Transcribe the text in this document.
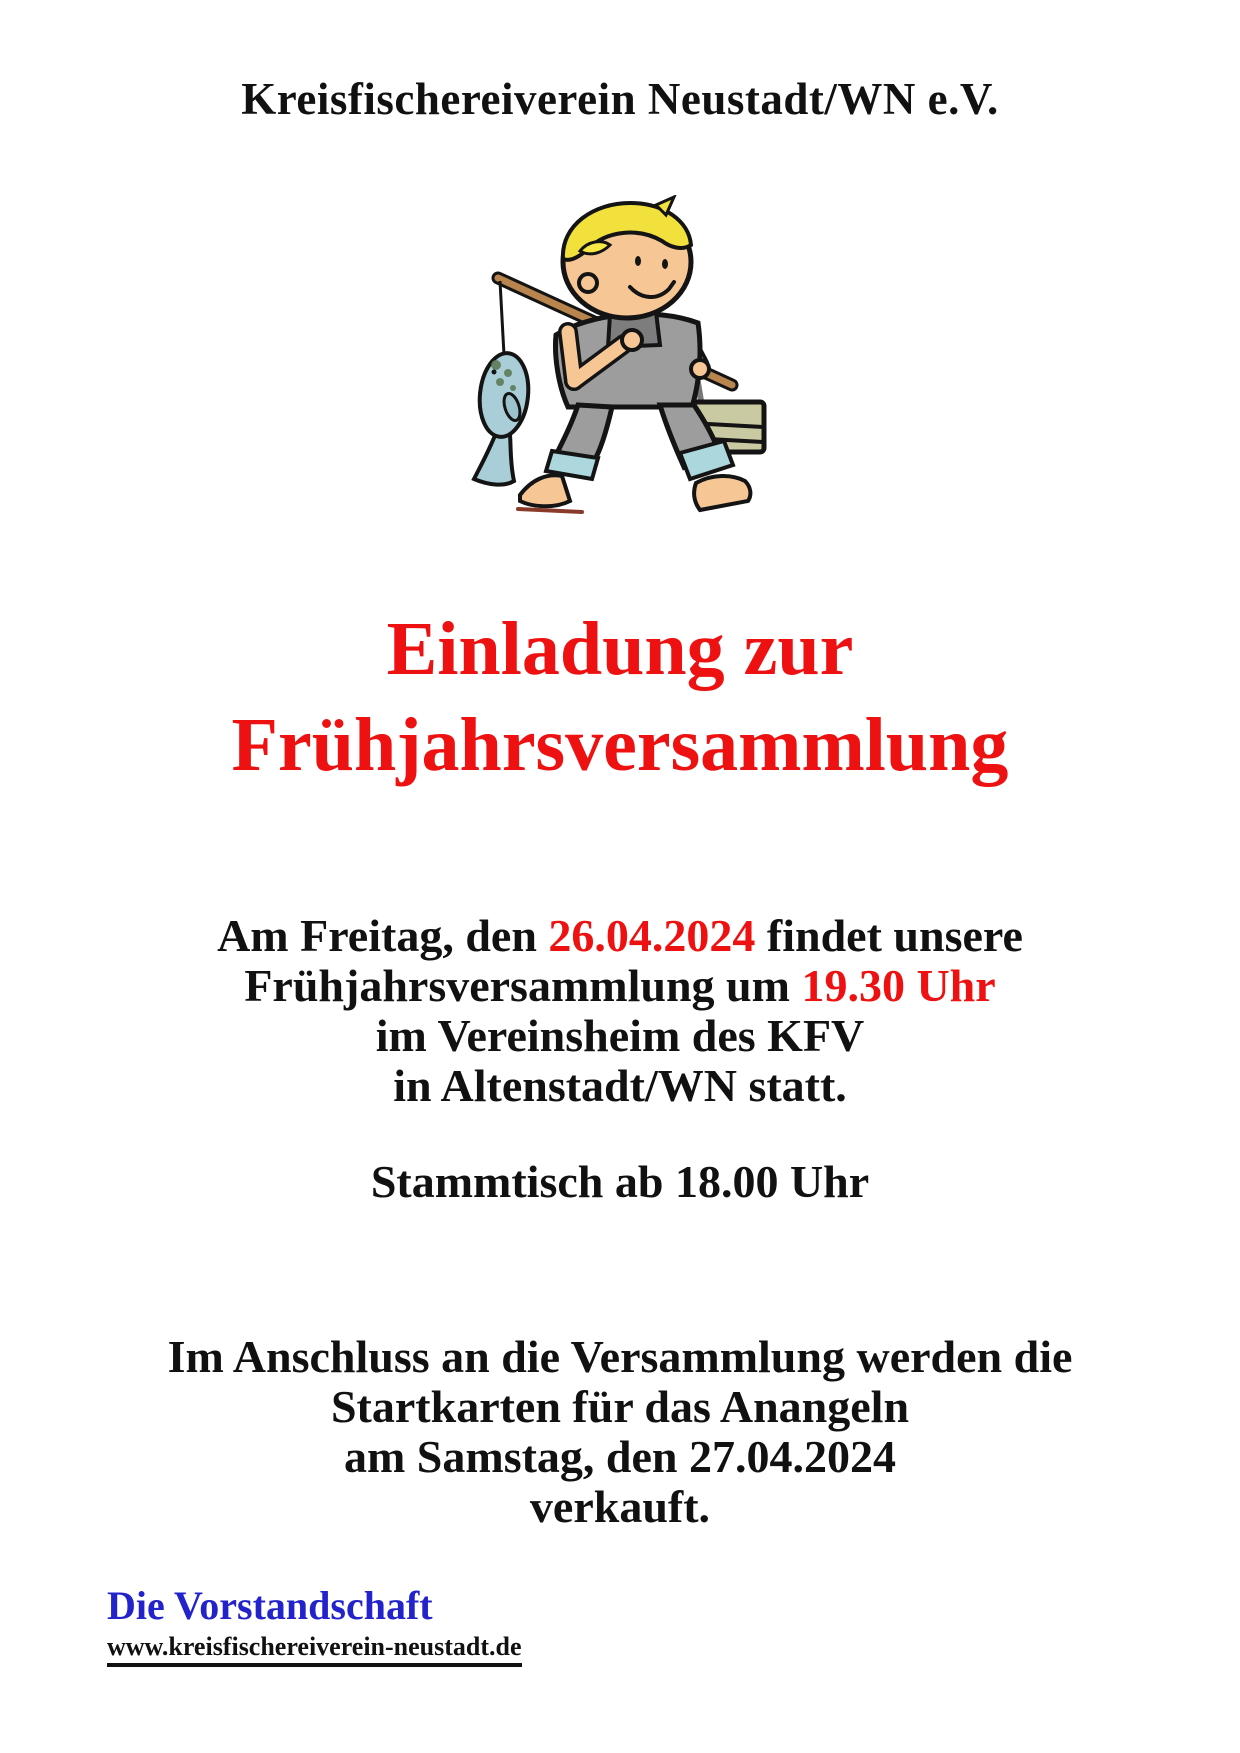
Kreisfischereiverein Neustadt/WN e.V.
Einladung zur
Frühjahrsversammlung
Am Freitag, den 26.04.2024 findet unsere
Frühjahrsversammlung um 19.30 Uhr
im Vereinsheim des KFV
in Altenstadt/WN statt.
Stammtisch ab 18.00 Uhr
Im Anschluss an die Versammlung werden die
Startkarten für das Anangeln
am Samstag, den 27.04.2024
verkauft.
Die Vorstandschaft
www.kreisfischereiverein-neustadt.de
